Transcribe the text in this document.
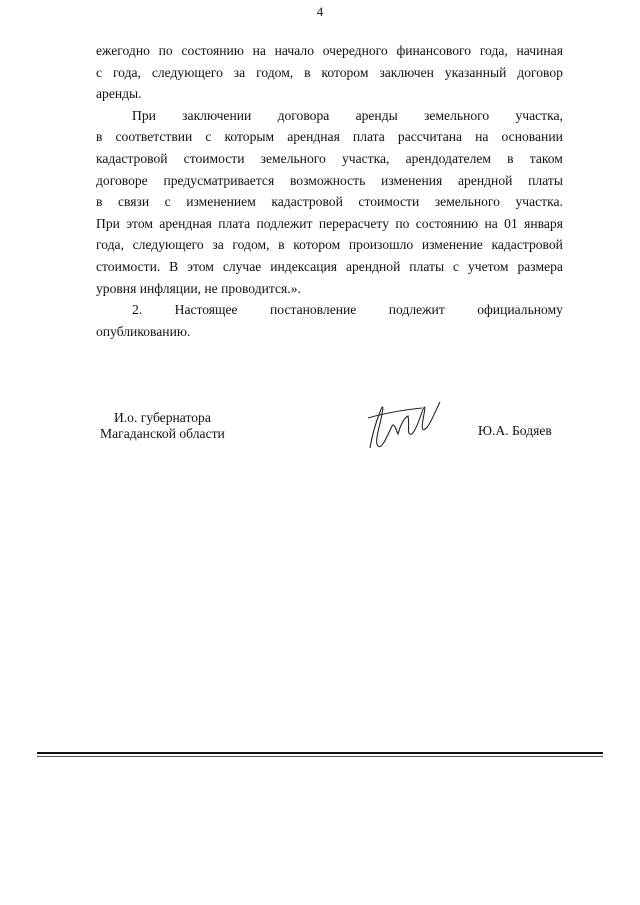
4
ежегодно по состоянию на начало очередного финансового года, начиная
с года, следующего за годом, в котором заключен указанный договор
аренды.
При заключении договора аренды земельного участка,
в соответствии с которым арендная плата рассчитана на основании
кадастровой стоимости земельного участка, арендодателем в таком
договоре предусматривается возможность изменения арендной платы
в связи с изменением кадастровой стоимости земельного участка.
При этом арендная плата подлежит перерасчету по состоянию на 01 января
года, следующего за годом, в котором произошло изменение кадастровой
стоимости. В этом случае индексация арендной платы с учетом размера
уровня инфляции, не проводится.».
2. Настоящее постановление подлежит официальному
опубликованию.
И.о. губернатора
Магаданской области	Ю.А. Бодяев
